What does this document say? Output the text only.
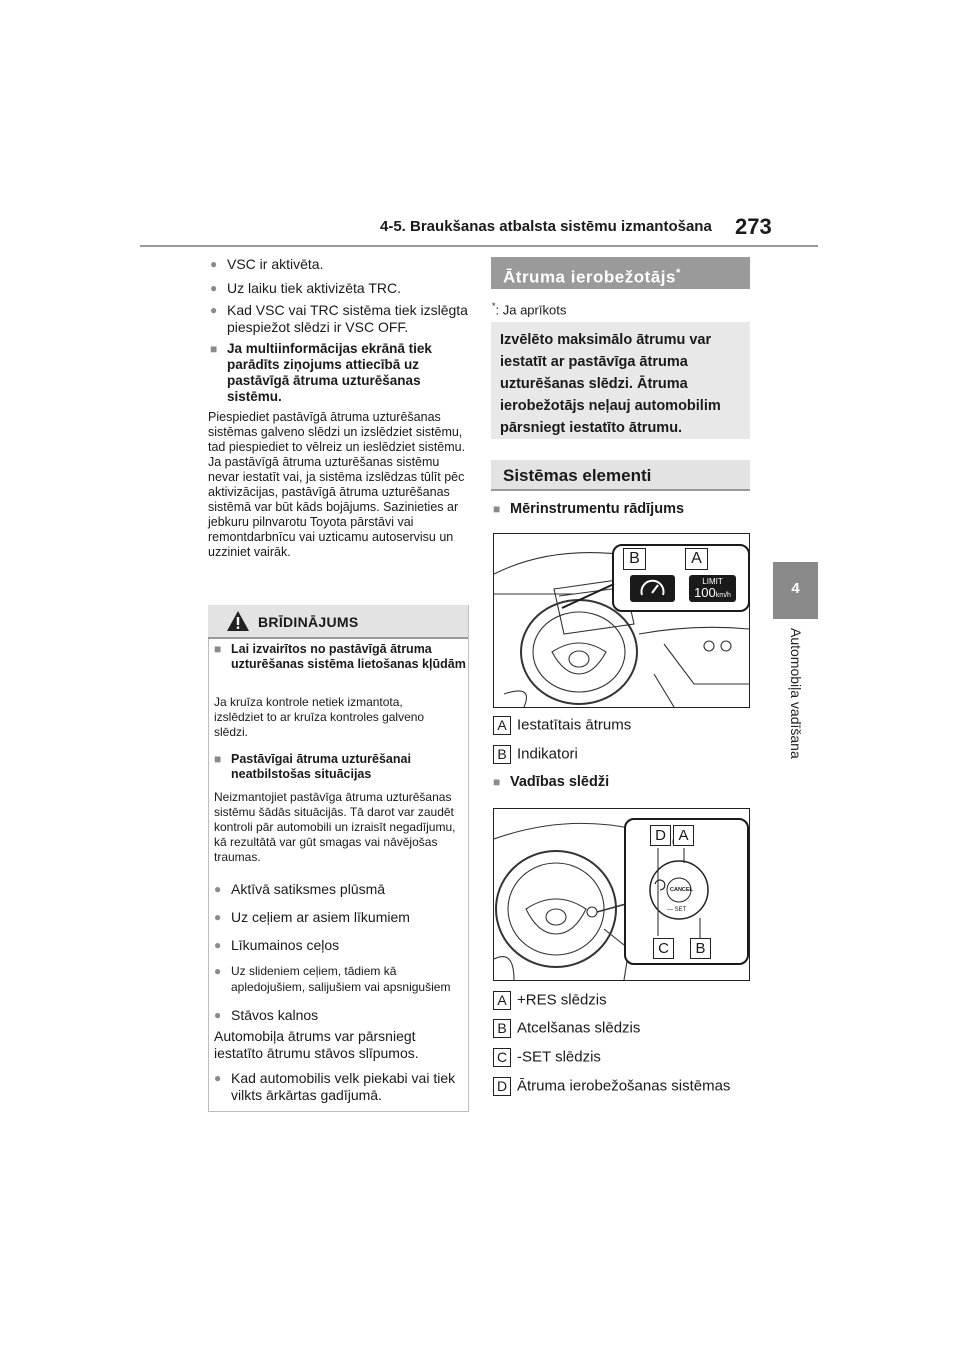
4-5. Braukšanas atbalsta sistēmu izmantošana 273
4
Automobiļa vadīšana
● VSC ir aktivēta.
● Uz laiku tiek aktivizēta TRC.
● Kad VSC vai TRC sistēma tiek izslēgta piespiežot slēdzi ir VSC OFF.
■ Ja multiinformācijas ekrānā tiek parādīts ziņojums attiecībā uz pastāvīgā ātruma uzturēšanas sistēmu.
Piespiediet pastāvīgā ātruma uzturēšanas sistēmas galveno slēdzi un izslēdziet sistēmu, tad piespiediet to vēlreiz un ieslēdziet sistēmu. Ja pastāvīgā ātruma uzturēšanas sistēmu nevar iestatīt vai, ja sistēma izslēdzas tūlīt pēc aktivizācijas, pastāvīgā ātruma uzturēšanas sistēmā var būt kāds bojājums. Sazinieties ar jebkuru pilnvarotu Toyota pārstāvi vai remontdarbnīcu vai uzticamu autoservisu un uzziniet vairāk.
BRĪDINĀJUMS
■ Lai izvairītos no pastāvīgā ātruma uzturēšanas sistēma lietošanas kļūdām
Ja kruīza kontrole netiek izmantota, izslēdziet to ar kruīza kontroles galveno slēdzi.
■ Pastāvīgai ātruma uzturēšanai neatbilstošas situācijas
Neizmantojiet pastāvīga ātruma uzturēšanas sistēmu šādās situācijās. Tā darot var zaudēt kontroli pār automobili un izraisīt negadījumu, kā rezultātā var gūt smagas vai nāvējošas traumas.
● Aktīvā satiksmes plūsmā
● Uz ceļiem ar asiem līkumiem
● Līkumainos ceļos
● Uz slideniem ceļiem, tādiem kā apledojušiem, salijušiem vai apsnigušiem
● Stāvos kalnos
Automobiļa ātrums var pārsniegt iestatīto ātrumu stāvos slīpumos.
● Kad automobilis velk piekabi vai tiek vilkts ārkārtas gadījumā.
Ātruma ierobežotājs*
*: Ja aprīkots
Izvēlēto maksimālo ātrumu var iestatīt ar pastāvīga ātruma uzturēšanas slēdzi. Ātruma ierobežotājs neļauj automobilim pārsniegt iestatīto ātrumu.
Sistēmas elementi
■ Mērinstrumentu rādījums
B	A
LIMIT
100km/h
A Iestatītais ātrums
B Indikatori
■ Vadības slēdži
CANCEL
— SET
D A
C	B
A +RES slēdzis
B Atcelšanas slēdzis
C -SET slēdzis
D Ātruma ierobežošanas sistēmas
